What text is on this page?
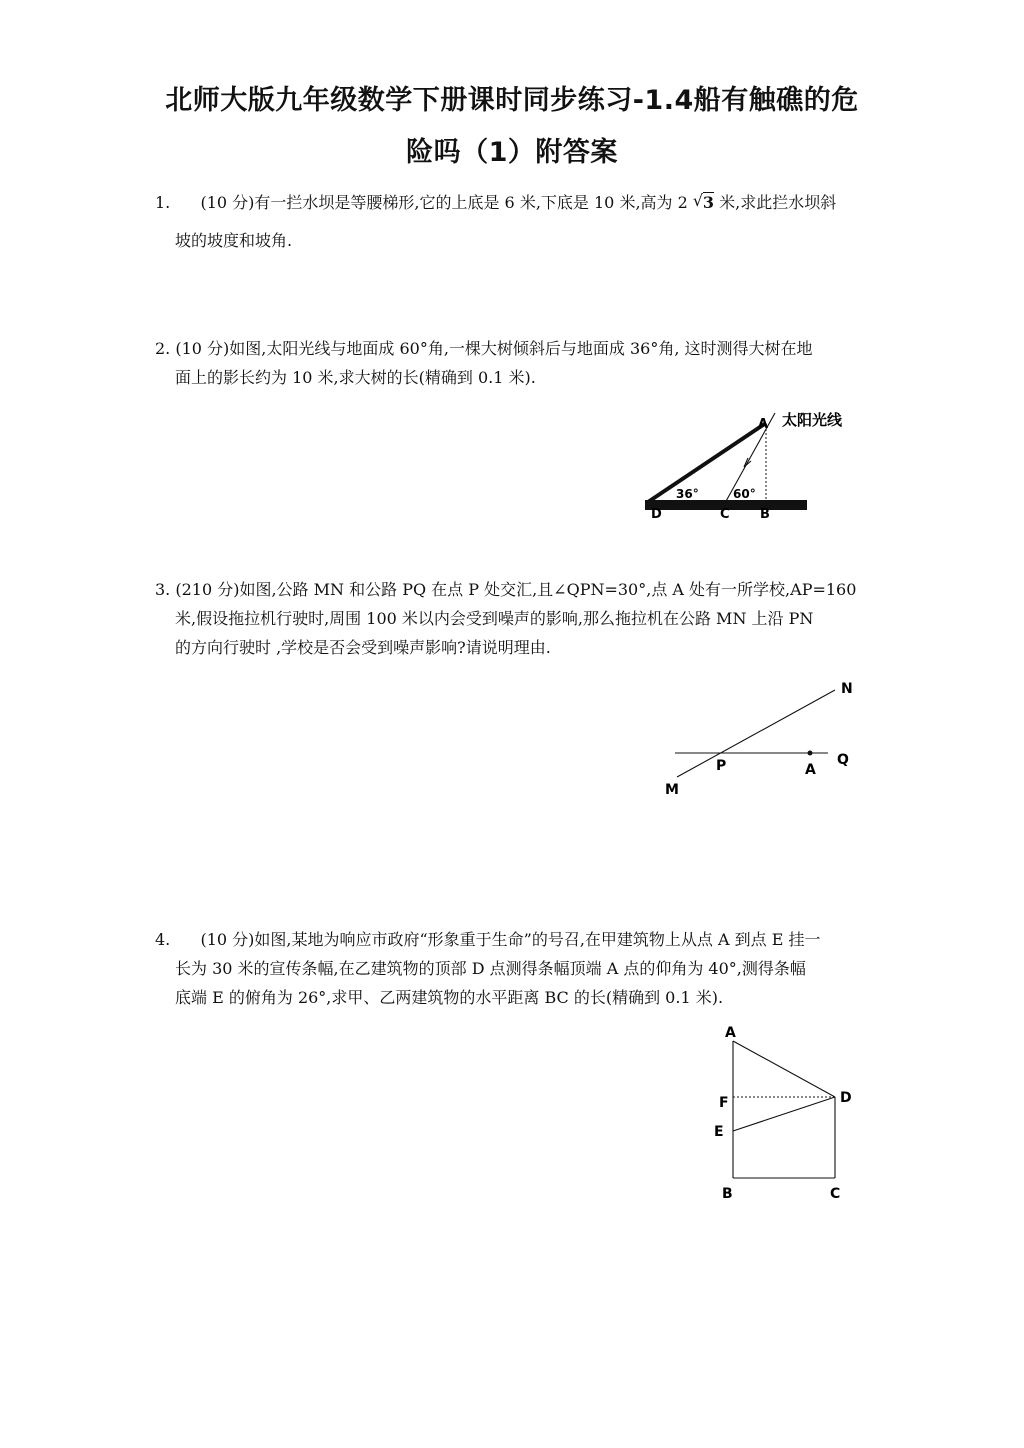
北师大版九年级数学下册课时同步练习-1.4船有触礁的危
险吗（1）附答案
1. (10 分)有一拦水坝是等腰梯形,它的上底是 6 米,下底是 10 米,高为 2 √ 3 米,求此拦水坝斜
坡的坡度和坡角.
2. (10 分)如图,太阳光线与地面成 60°角,一棵大树倾斜后与地面成 36°角, 这时测得大树在地
面上的影长约为 10 米,求大树的长(精确到 0.1 米).
A 太阳光线
36°	60°
D	C B
3. (210 分)如图,公路 MN 和公路 PQ 在点 P 处交汇,且∠QPN=30°,点 A 处有一所学校,AP=160
米,假设拖拉机行驶时,周围 100 米以内会受到噪声的影响,那么拖拉机在公路 MN 上沿 PN
的方向行驶时 ,学校是否会受到噪声影响?请说明理由.
N
Q
P	A
M
4. (10 分)如图,某地为响应市政府“形象重于生命”的号召,在甲建筑物上从点 A 到点 E 挂一
长为 30 米的宣传条幅,在乙建筑物的顶部 D 点测得条幅顶端 A 点的仰角为 40°,测得条幅
底端 E 的俯角为 26°,求甲、乙两建筑物的水平距离 BC 的长(精确到 0.1 米).
A
F	D
E
B	C
